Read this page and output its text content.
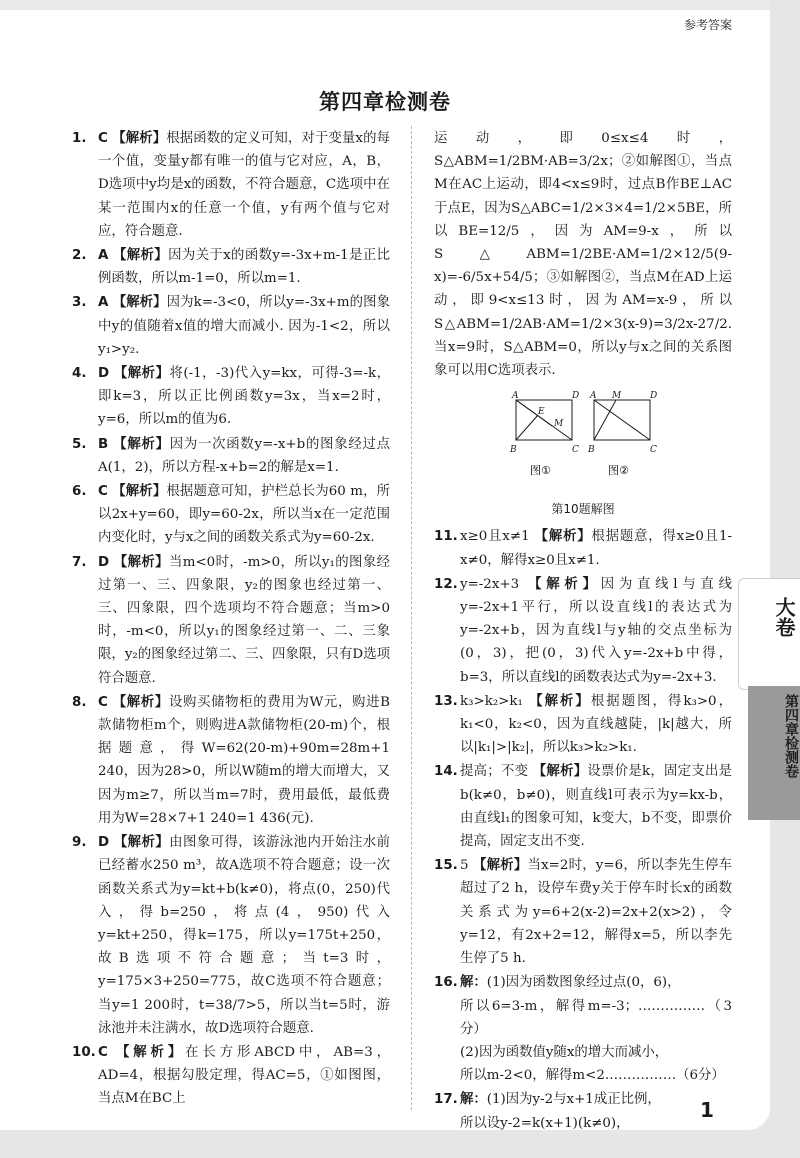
参考答案
第四章检测卷
1. C 【解析】根据函数的定义可知，对于变量x的每一个值，变量y都有唯一的值与它对应，A，B，D选项中y均是x的函数，不符合题意，C选项中在某一范围内x的任意一个值，y有两个值与它对应，符合题意.
2. A 【解析】因为关于x的函数y=-3x+m-1是正比例函数，所以m-1=0，所以m=1.
3. A 【解析】因为k=-3<0，所以y=-3x+m的图象中y的值随着x值的增大而减小. 因为-1<2，所以y₁>y₂.
4. D 【解析】将(-1，-3)代入y=kx，可得-3=-k，即k=3，所以正比例函数y=3x，当x=2时，y=6，所以m的值为6.
5. B 【解析】因为一次函数y=-x+b的图象经过点A(1，2)，所以方程-x+b=2的解是x=1.
6. C 【解析】根据题意可知，护栏总长为60 m，所以2x+y=60，即y=60-2x，所以当x在一定范围内变化时，y与x之间的函数关系式为y=60-2x.
7. D 【解析】当m<0时，-m>0，所以y₁的图象经过第一、三、四象限，y₂的图象也经过第一、三、四象限，四个选项均不符合题意；当m>0时，-m<0，所以y₁的图象经过第一、二、三象限，y₂的图象经过第二、三、四象限，只有D选项符合题意.
8. C 【解析】设购买储物柜的费用为W元，购进B款储物柜m个，则购进A款储物柜(20-m)个，根据题意，得W=62(20-m)+90m=28m+1 240，因为28>0，所以W随m的增大而增大，又因为m≥7，所以当m=7时，费用最低，最低费用为W=28×7+1 240=1 436(元).
9. D 【解析】由图象可得，该游泳池内开始注水前已经蓄水250 m³，故A选项不符合题意；设一次函数关系式为y=kt+b(k≠0)，将点(0，250)代入，得b=250，将点(4，950)代入y=kt+250，得k=175，所以y=175t+250，故B选项不符合题意；当t=3时，y=175×3+250=775，故C选项不符合题意；当y=1 200时，t=38/7>5，所以当t=5时，游泳池并未注满水，故D选项符合题意.
10. C 【解析】在长方形ABCD中，AB=3，AD=4，根据勾股定理，得AC=5，①如图图，当点M在BC上
运动，即0≤x≤4时，S△ABM=1/2BM·AB=3/2x；②如解图①，当点M在AC上运动，即4<x≤9时，过点B作BE⊥AC于点E，因为S△ABC=1/2×3×4=1/2×5BE，所以BE=12/5，因为AM=9-x，所以S△ABM=1/2BE·AM=1/2×12/5(9-x)=-6/5x+54/5；③如解图②，当点M在AD上运动，即9<x≤13时，因为AM=x-9，所以S△ABM=1/2AB·AM=1/2×3(x-9)=3/2x-27/2. 当x=9时，S△ABM=0，所以y与x之间的关系图象可以用C选项表示.
A	D
B	C
E
M
A M	D
B	C
图①	图②
第10题解图
11. x≥0且x≠1 【解析】根据题意，得x≥0且1-x≠0，解得x≥0且x≠1.
12. y=-2x+3 【解析】因为直线l与直线y=-2x+1平行，所以设直线l的表达式为y=-2x+b，因为直线l与y轴的交点坐标为(0，3)，把(0，3)代入y=-2x+b中得，b=3，所以直线l的函数表达式为y=-2x+3.
13. k₃>k₂>k₁ 【解析】根据题图，得k₃>0，k₁<0，k₂<0，因为直线越陡，|k|越大，所以|k₁|>|k₂|，所以k₃>k₂>k₁.
14. 提高；不变 【解析】设票价是k，固定支出是b(k≠0，b≠0)，则直线l可表示为y=kx-b，由直线l₁的图象可知，k变大，b不变，即票价提高，固定支出不变.
15. 5 【解析】当x=2时，y=6，所以李先生停车超过了2 h，设停车费y关于停车时长x的函数关系式为y=6+2(x-2)=2x+2(x>2)，令y=12，有2x+2=12，解得x=5，所以李先生停了5 h.
16. 解：(1)因为函数图象经过点(0，6)，
所以6=3-m，解得m=-3；……………（3分）
(2)因为函数值y随x的增大而减小，
所以m-2<0，解得m<2.……………（6分）
17. 解：(1)因为y-2与x+1成正比例，
所以设y-2=k(x+1)(k≠0)，
1
大卷
第四章检测卷
